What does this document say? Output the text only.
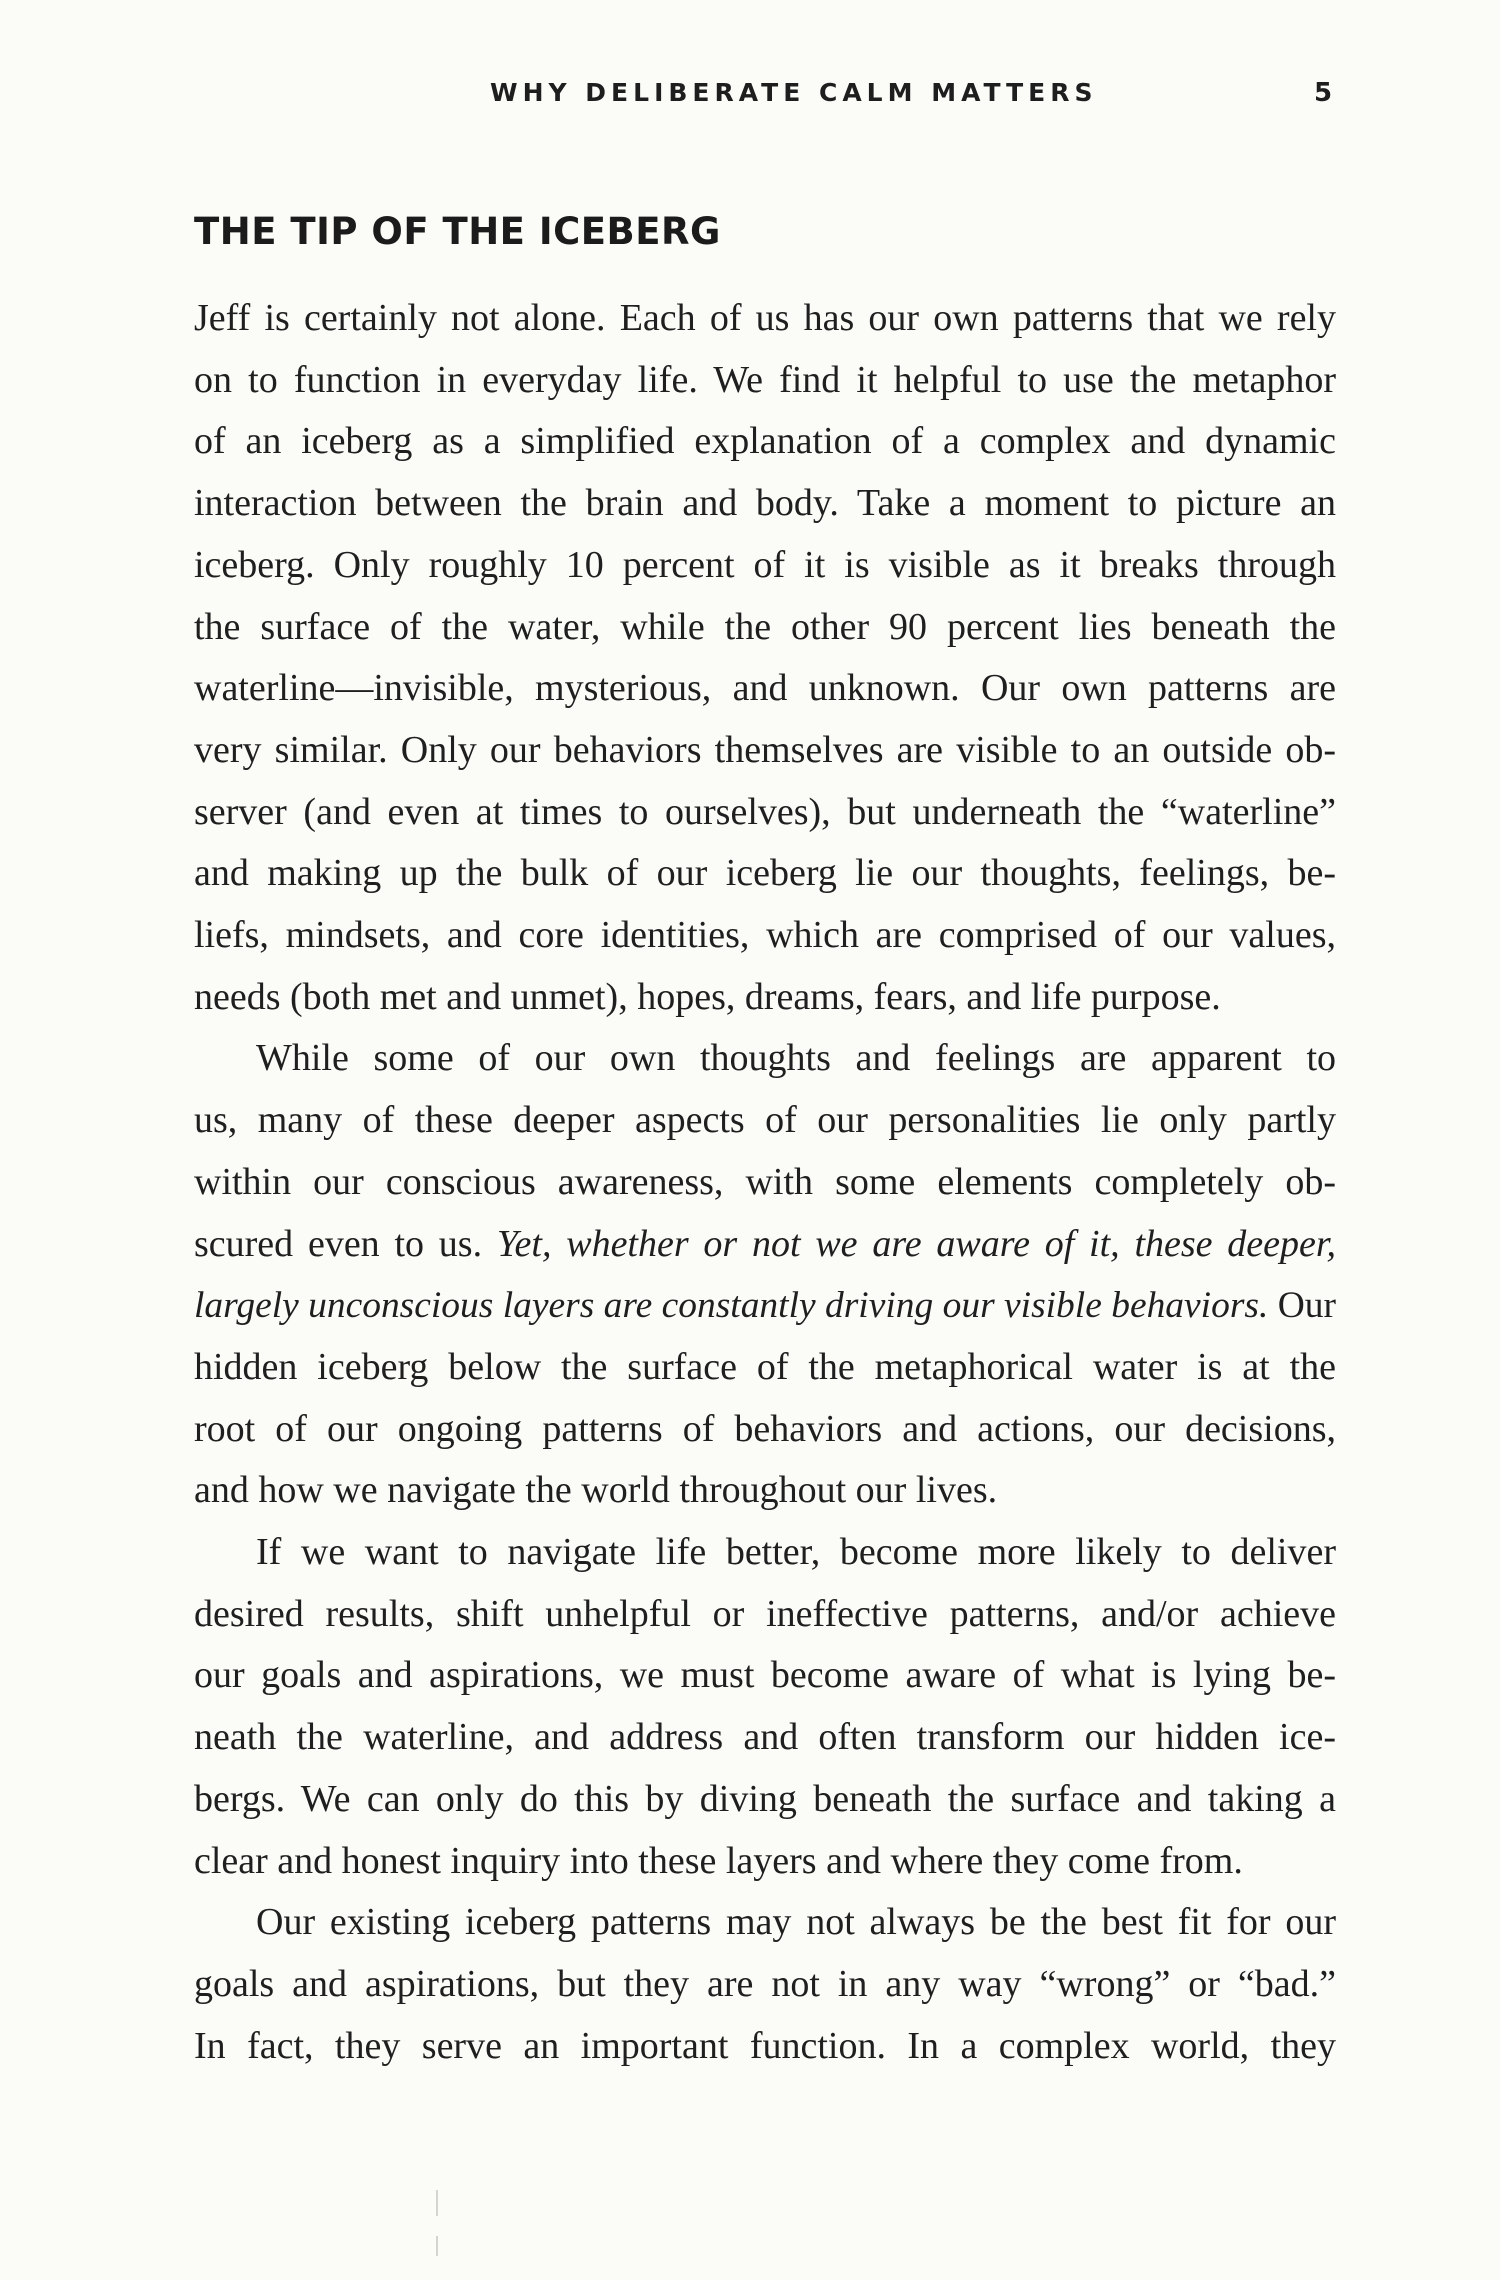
WHY DELIBERATE CALM MATTERS	5
THE TIP OF THE ICEBERG
Jeff is certainly not alone. Each of us has our own patterns that we rely
on to function in everyday life. We find it helpful to use the metaphor
of an iceberg as a simplified explanation of a complex and dynamic
interaction between the brain and body. Take a moment to picture an
iceberg. Only roughly 10 percent of it is visible as it breaks through
the surface of the water, while the other 90 percent lies beneath the
waterline—invisible, mysterious, and unknown. Our own patterns are
very similar. Only our behaviors themselves are visible to an outside ob-
server (and even at times to ourselves), but underneath the “waterline”
and making up the bulk of our iceberg lie our thoughts, feelings, be-
liefs, mindsets, and core identities, which are comprised of our values,
needs (both met and unmet), hopes, dreams, fears, and life purpose.
While some of our own thoughts and feelings are apparent to
us, many of these deeper aspects of our personalities lie only partly
within our conscious awareness, with some elements completely ob-
scured even to us. Yet, whether or not we are aware of it, these deeper,
largely unconscious layers are constantly driving our visible behaviors. Our
hidden iceberg below the surface of the metaphorical water is at the
root of our ongoing patterns of behaviors and actions, our decisions,
and how we navigate the world throughout our lives.
If we want to navigate life better, become more likely to deliver
desired results, shift unhelpful or ineffective patterns, and/or achieve
our goals and aspirations, we must become aware of what is lying be-
neath the waterline, and address and often transform our hidden ice-
bergs. We can only do this by diving beneath the surface and taking a
clear and honest inquiry into these layers and where they come from.
Our existing iceberg patterns may not always be the best fit for our
goals and aspirations, but they are not in any way “wrong” or “bad.”
In fact, they serve an important function. In a complex world, they
